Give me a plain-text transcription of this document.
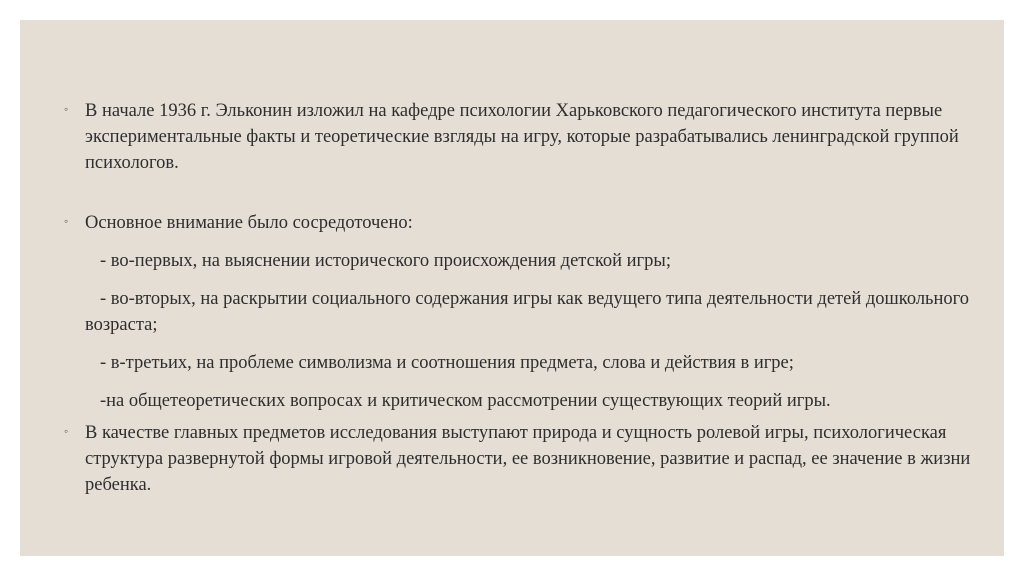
◦ В начале 1936 г. Эльконин изложил на кафедре психологии Харьковского педагогического института первые экспериментальные факты и теоретические взгляды на игру, которые разрабатывались ленинградской группой психологов.

◦ Основное внимание было сосредоточено:

- во-первых, на выяснении исторического происхождения детской игры;

- во-вторых, на раскрытии социального содержания игры как ведущего типа деятельности детей дошкольного возраста;

- в-третьих, на проблеме символизма и соотношения предмета, слова и действия в игре;

-на общетеоретических вопросах и критическом рассмотрении существующих теорий игры.

◦ В качестве главных предметов исследования выступают природа и сущность ролевой игры, психологическая структура развернутой формы игровой деятельности, ее возникновение, развитие и распад, ее значение в жизни ребенка.
